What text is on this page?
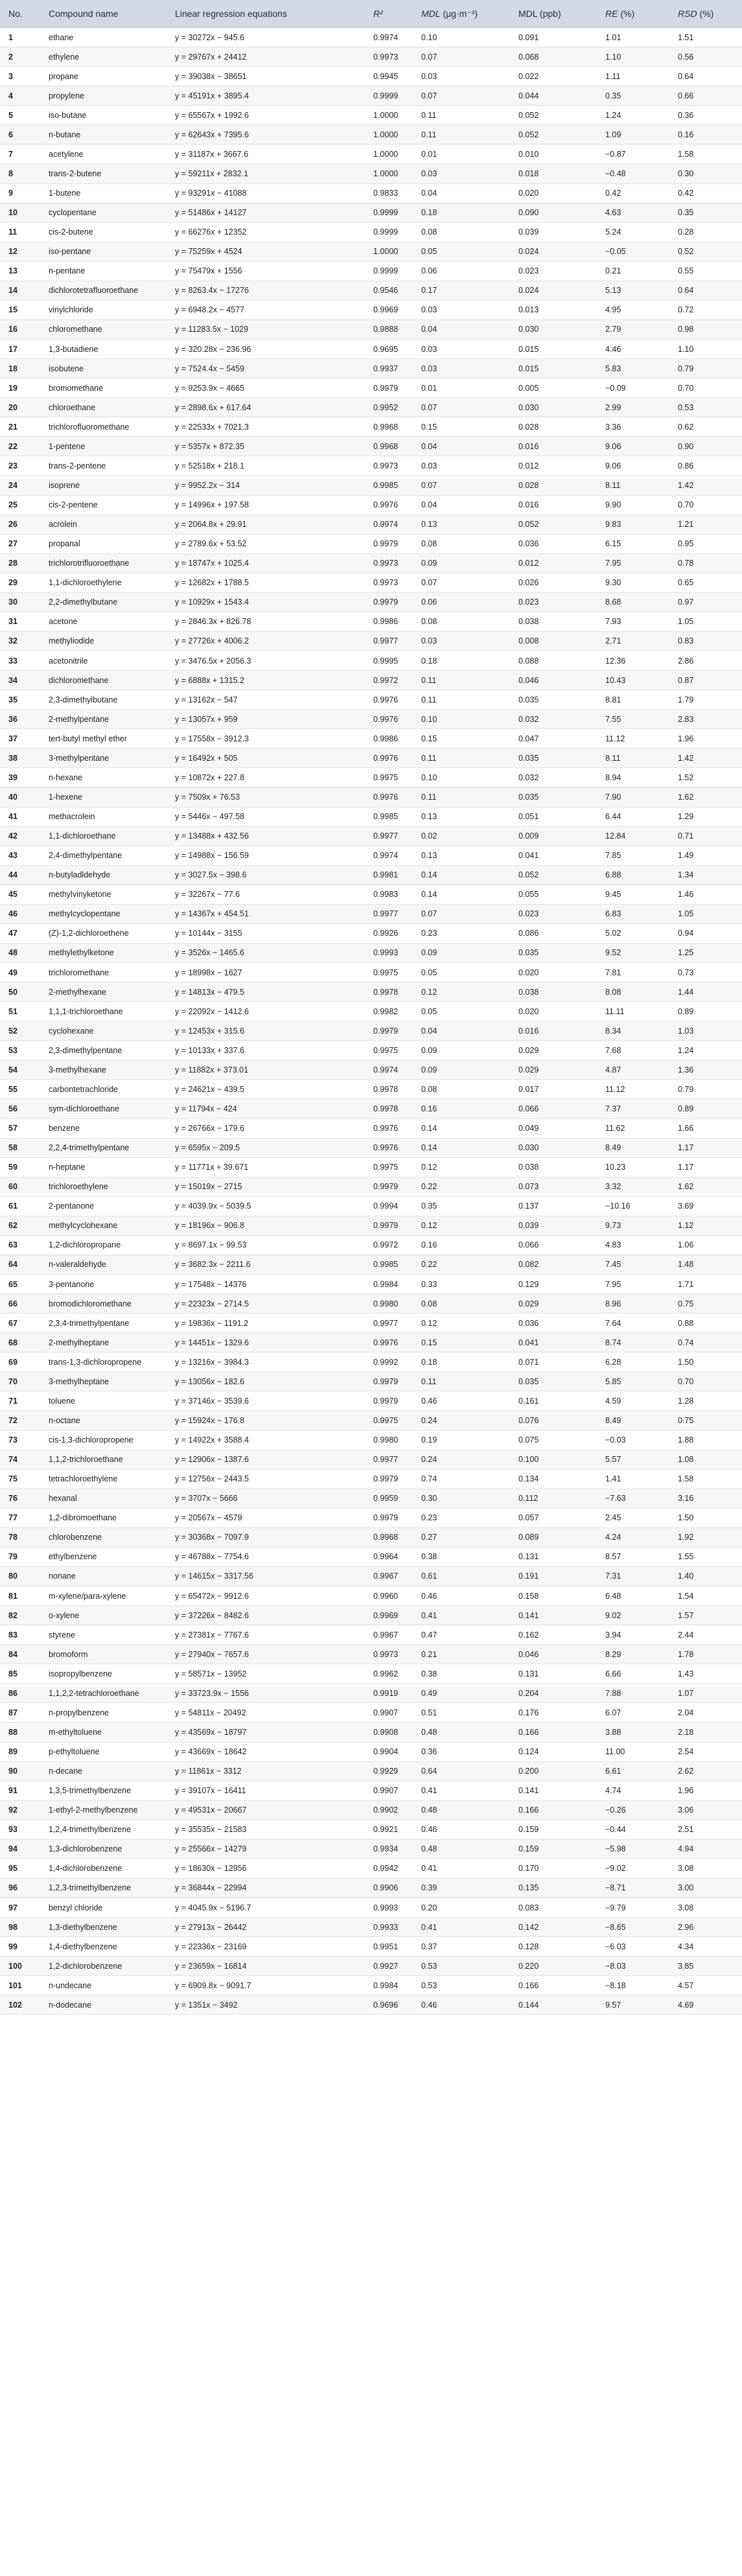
No.	Compound name	Linear regression equations	R²	MDL (μg·m⁻³)	MDL (ppb)	RE (%)	RSD (%)
1	ethane	y = 30272x − 945.6	0.9974	0.10	0.091	1.01	1.51
2	ethylene	y = 29767x + 24412	0.9973	0.07	0.068	1.10	0.56
3	propane	y = 39038x − 38651	0.9945	0.03	0.022	1.11	0.64
4	propylene	y = 45191x + 3895.4	0.9999	0.07	0.044	0.35	0.66
5	iso-butane	y = 65567x + 1992.6	1.0000	0.11	0.052	1.24	0.36
6	n-butane	y = 62643x + 7395.6	1.0000	0.11	0.052	1.09	0.16
7	acetylene	y = 31187x + 3667.6	1.0000	0.01	0.010	−0.87	1.58
8	trans-2-butene	y = 59211x + 2832.1	1.0000	0.03	0.018	−0.48	0.30
9	1-butene	y = 93291x − 41088	0.9833	0.04	0.020	0.42	0.42
10	cyclopentane	y = 51486x + 14127	0.9999	0.18	0.090	4.63	0.35
11	cis-2-butene	y = 66276x + 12352	0.9999	0.08	0.039	5.24	0.28
12	iso-pentane	y = 75259x + 4524	1.0000	0.05	0.024	−0.05	0.52
13	n-pentane	y = 75479x + 1556	0.9999	0.06	0.023	0.21	0.55
14	dichlorotetrafluoroethane	y = 8263.4x − 17276	0.9546	0.17	0.024	5.13	0.64
15	vinylchloride	y = 6948.2x − 4577	0.9969	0.03	0.013	4.95	0.72
16	chloromethane	y = 11283.5x − 1029	0.9888	0.04	0.030	2.79	0.98
17	1,3-butadiene	y = 320.28x − 236.96	0.9695	0.03	0.015	4.46	1.10
18	isobutene	y = 7524.4x − 5459	0.9937	0.03	0.015	5.83	0.79
19	bromomethane	y = 9253.9x − 4665	0.9979	0.01	0.005	−0.09	0.70
20	chloroethane	y = 2898.6x + 617.64	0.9952	0.07	0.030	2.99	0.53
21	trichlorofluoromethane	y = 22533x + 7021.3	0.9968	0.15	0.028	3.36	0.62
22	1-pentene	y = 5357x + 872.35	0.9968	0.04	0.016	9.06	0.90
23	trans-2-pentene	y = 52518x + 218.1	0.9973	0.03	0.012	9.06	0.86
24	isoprene	y = 9952.2x − 314	0.9985	0.07	0.028	8.11	1.42
25	cis-2-pentene	y = 14996x + 197.58	0.9976	0.04	0.016	9.90	0.70
26	acrolein	y = 2064.8x + 29.91	0.9974	0.13	0.052	9.83	1.21
27	propanal	y = 2789.6x + 53.52	0.9979	0.08	0.036	6.15	0.95
28	trichlorotrifluoroethane	y = 18747x + 1025.4	0.9973	0.09	0.012	7.95	0.78
29	1,1-dichloroethylene	y = 12682x + 1788.5	0.9973	0.07	0.026	9.30	0.65
30	2,2-dimethylbutane	y = 10929x + 1543.4	0.9979	0.06	0.023	8.68	0.97
31	acetone	y = 2846.3x + 826.78	0.9986	0.08	0.038	7.93	1.05
32	methyliodide	y = 27726x + 4006.2	0.9977	0.03	0.008	2.71	0.83
33	acetonitrile	y = 3476.5x + 2056.3	0.9995	0.18	0.088	12.36	2.86
34	dichloromethane	y = 6888x + 1315.2	0.9972	0.11	0.046	10.43	0.87
35	2,3-dimethylbutane	y = 13162x − 547	0.9976	0.11	0.035	8.81	1.79
36	2-methylpentane	y = 13057x + 959	0.9976	0.10	0.032	7.55	2.83
37	tert-butyl methyl ether	y = 17558x − 3912.3	0.9986	0.15	0.047	11.12	1.96
38	3-methylpentane	y = 16492x + 505	0.9976	0.11	0.035	8.11	1.42
39	n-hexane	y = 10872x + 227.8	0.9975	0.10	0.032	8.94	1.52
40	1-hexene	y = 7509x + 76.53	0.9976	0.11	0.035	7.90	1.62
41	methacrolein	y = 5446x − 497.58	0.9985	0.13	0.051	6.44	1.29
42	1,1-dichloroethane	y = 13488x + 432.56	0.9977	0.02	0.009	12.84	0.71
43	2,4-dimethylpentane	y = 14988x − 156.59	0.9974	0.13	0.041	7.85	1.49
44	n-butyladldehyde	y = 3027.5x − 398.6	0.9981	0.14	0.052	6.88	1.34
45	methylvinyketone	y = 32267x − 77.6	0.9983	0.14	0.055	9.45	1.46
46	methylcyclopentane	y = 14367x + 454.51	0.9977	0.07	0.023	6.83	1.05
47	(Z)-1,2-dichloroethene	y = 10144x − 3155	0.9926	0.23	0.086	5.02	0.94
48	methylethylketone	y = 3526x − 1465.6	0.9993	0.09	0.035	9.52	1.25
49	trichloromethane	y = 18998x − 1627	0.9975	0.05	0.020	7.81	0.73
50	2-methylhexane	y = 14813x − 479.5	0.9978	0.12	0.038	8.08	1.44
51	1,1,1-trichloroethane	y = 22092x − 1412.6	0.9982	0.05	0.020	11.11	0.89
52	cyclohexane	y = 12453x + 315.6	0.9979	0.04	0.016	8.34	1.03
53	2,3-dimethylpentane	y = 10133x + 337.6	0.9975	0.09	0.029	7.68	1.24
54	3-methylhexane	y = 11882x + 373.01	0.9974	0.09	0.029	4.87	1.36
55	carbontetrachloride	y = 24621x − 439.5	0.9978	0.08	0.017	11.12	0.79
56	sym-dichloroethane	y = 11794x − 424	0.9978	0.16	0.066	7.37	0.89
57	benzene	y = 26766x − 179.6	0.9976	0.14	0.049	11.62	1.66
58	2,2,4-trimethylpentane	y = 6595x − 209.5	0.9976	0.14	0.030	8.49	1.17
59	n-heptane	y = 11771x + 39.671	0.9975	0.12	0.038	10.23	1.17
60	trichloroethylene	y = 15019x − 2715	0.9979	0.22	0.073	3.32	1.62
61	2-pentanone	y = 4039.9x − 5039.5	0.9994	0.35	0.137	−10.16	3.69
62	methylcyclohexane	y = 18196x − 906.8	0.9979	0.12	0.039	9.73	1.12
63	1,2-dichloropropane	y = 8697.1x − 99.53	0.9972	0.16	0.066	4.83	1.06
64	n-valeraldehyde	y = 3682.3x − 2211.6	0.9985	0.22	0.082	7.45	1.48
65	3-pentanone	y = 17548x − 14376	0.9984	0.33	0.129	7.95	1.71
66	bromodichloromethane	y = 22323x − 2714.5	0.9980	0.08	0.029	8.96	0.75
67	2,3,4-trimethylpentane	y = 19836x − 1191.2	0.9977	0.12	0.036	7.64	0.88
68	2-methylheptane	y = 14451x − 1329.6	0.9976	0.15	0.041	8.74	0.74
69	trans-1,3-dichloropropene	y = 13216x − 3984.3	0.9992	0.18	0.071	6.28	1.50
70	3-methylheptane	y = 13056x − 182.6	0.9979	0.11	0.035	5.85	0.70
71	toluene	y = 37146x − 3539.6	0.9979	0.46	0.161	4.59	1.28
72	n-octane	y = 15924x − 176.8	0.9975	0.24	0.076	8.49	0.75
73	cis-1,3-dichloropropene	y = 14922x + 3588.4	0.9980	0.19	0.075	−0.03	1.88
74	1,1,2-trichloroethane	y = 12906x − 1387.6	0.9977	0.24	0.100	5.57	1.08
75	tetrachloroethylene	y = 12756x − 2443.5	0.9979	0.74	0.134	1.41	1.58
76	hexanal	y = 3707x − 5666	0.9959	0.30	0.112	−7.63	3.16
77	1,2-dibromoethane	y = 20567x − 4579	0.9979	0.23	0.057	2.45	1.50
78	chlorobenzene	y = 30368x − 7097.9	0.9968	0.27	0.089	4.24	1.92
79	ethylbenzene	y = 46788x − 7754.6	0.9964	0.38	0.131	8.57	1.55
80	nonane	y = 14615x − 3317.56	0.9967	0.61	0.191	7.31	1.40
81	m-xylene/para-xylene	y = 65472x − 9912.6	0.9960	0.46	0.158	6.48	1.54
82	o-xylene	y = 37226x − 8482.6	0.9969	0.41	0.141	9.02	1.57
83	styrene	y = 27381x − 7767.6	0.9967	0.47	0.162	3.94	2.44
84	bromoform	y = 27940x − 7657.6	0.9973	0.21	0.046	8.29	1.78
85	isopropylbenzene	y = 58571x − 13952	0.9962	0.38	0.131	6.66	1.43
86	1,1,2,2-tetrachloroethane	y = 33723.9x − 1556	0.9919	0.49	0.204	7.88	1.07
87	n-propylbenzene	y = 54811x − 20492	0.9907	0.51	0.176	6.07	2.04
88	m-ethyltoluene	y = 43569x − 18797	0.9908	0.48	0.166	3.88	2.18
89	p-ethyltoluene	y = 43669x − 18642	0.9904	0.36	0.124	11.00	2.54
90	n-decane	y = 11861x − 3312	0.9929	0.64	0.200	6.61	2.62
91	1,3,5-trimethylbenzene	y = 39107x − 16411	0.9907	0.41	0.141	4.74	1.96
92	1-ethyl-2-methylbenzene	y = 49531x − 20667	0.9902	0.48	0.166	−0.26	3.06
93	1,2,4-trimethylbenzene	y = 35535x − 21583	0.9921	0.46	0.159	−0.44	2.51
94	1,3-dichlorobenzene	y = 25566x − 14279	0.9934	0.48	0.159	−5.98	4.94
95	1,4-dichlorobenzene	y = 18630x − 12956	0.9942	0.41	0.170	−9.02	3.08
96	1,2,3-trimethylbenzene	y = 36844x − 22994	0.9906	0.39	0.135	−8.71	3.00
97	benzyl chloride	y = 4045.9x − 5196.7	0.9993	0.20	0.083	−9.79	3.08
98	1,3-diethylbenzene	y = 27913x − 26442	0.9933	0.41	0.142	−8.65	2.96
99	1,4-diethylbenzene	y = 22336x − 23169	0.9951	0.37	0.128	−6.03	4.34
100	1,2-dichlorobenzene	y = 23659x − 16814	0.9927	0.53	0.220	−8.03	3.85
101	n-undecane	y = 6909.8x − 9091.7	0.9984	0.53	0.166	−8.18	4.57
102	n-dodecane	y = 1351x − 3492	0.9696	0.46	0.144	9.57	4.69
